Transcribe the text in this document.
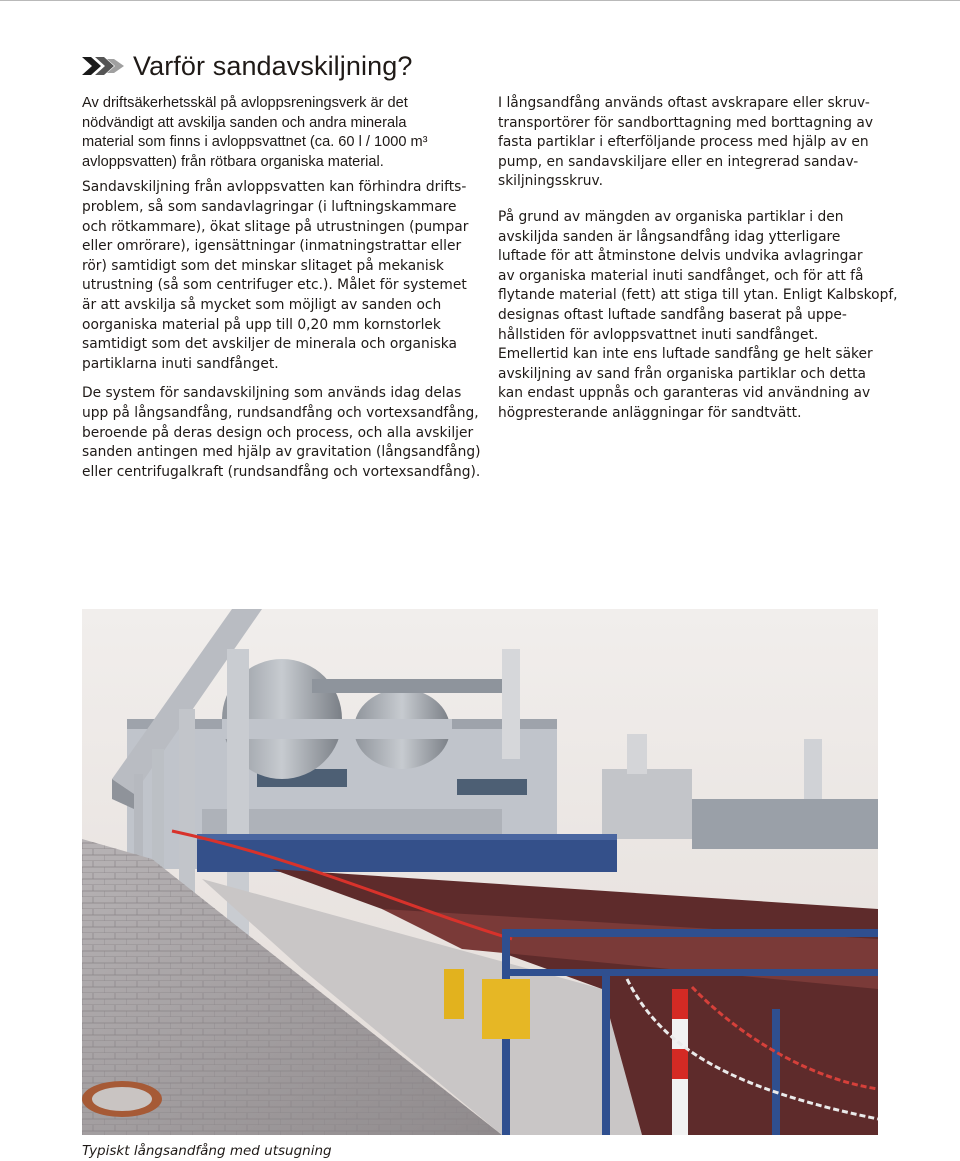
Varför sandavskiljning?

Av driftsäkerhetsskäl på avloppsreningsverk är det
nödvändigt att avskilja sanden och andra minerala
material som finns i avloppsvattnet (ca. 60 l / 1000 m³
avloppsvatten) från rötbara organiska material.

Sandavskiljning från avloppsvatten kan förhindra drifts-
problem, så som sandavlagringar (i luftningskammare
och rötkammare), ökat slitage på utrustningen (pumpar
eller omrörare), igensättningar (inmatningstrattar eller
rör) samtidigt som det minskar slitaget på mekanisk
utrustning (så som centrifuger etc.). Målet för systemet
är att avskilja så mycket som möjligt av sanden och
oorganiska material på upp till 0,20 mm kornstorlek
samtidigt som det avskiljer de minerala och organiska
partiklarna inuti sandfånget.

De system för sandavskiljning som används idag delas
upp på långsandfång, rundsandfång och vortexsandfång,
beroende på deras design och process, och alla avskiljer
sanden antingen med hjälp av gravitation (långsandfång)
eller centrifugalkraft (rundsandfång och vortexsandfång).

I långsandfång används oftast avskrapare eller skruv-
transportörer för sandborttagning med borttagning av
fasta partiklar i efterföljande process med hjälp av en
pump, en sandavskiljare eller en integrerad sandav-
skiljningsskruv.

På grund av mängden av organiska partiklar i den
avskiljda sanden är långsandfång idag ytterligare
luftade för att åtminstone delvis undvika avlagringar
av organiska material inuti sandfånget, och för att få
flytande material (fett) att stiga till ytan. Enligt Kalbskopf,
designas oftast luftade sandfång baserat på uppe-
hållstiden för avloppsvattnet inuti sandfånget.

Emellertid kan inte ens luftade sandfång ge helt säker
avskiljning av sand från organiska partiklar och detta
kan endast uppnås och garanteras vid användning av
högpresterande anläggningar för sandtvätt.

Typiskt långsandfång med utsugning
